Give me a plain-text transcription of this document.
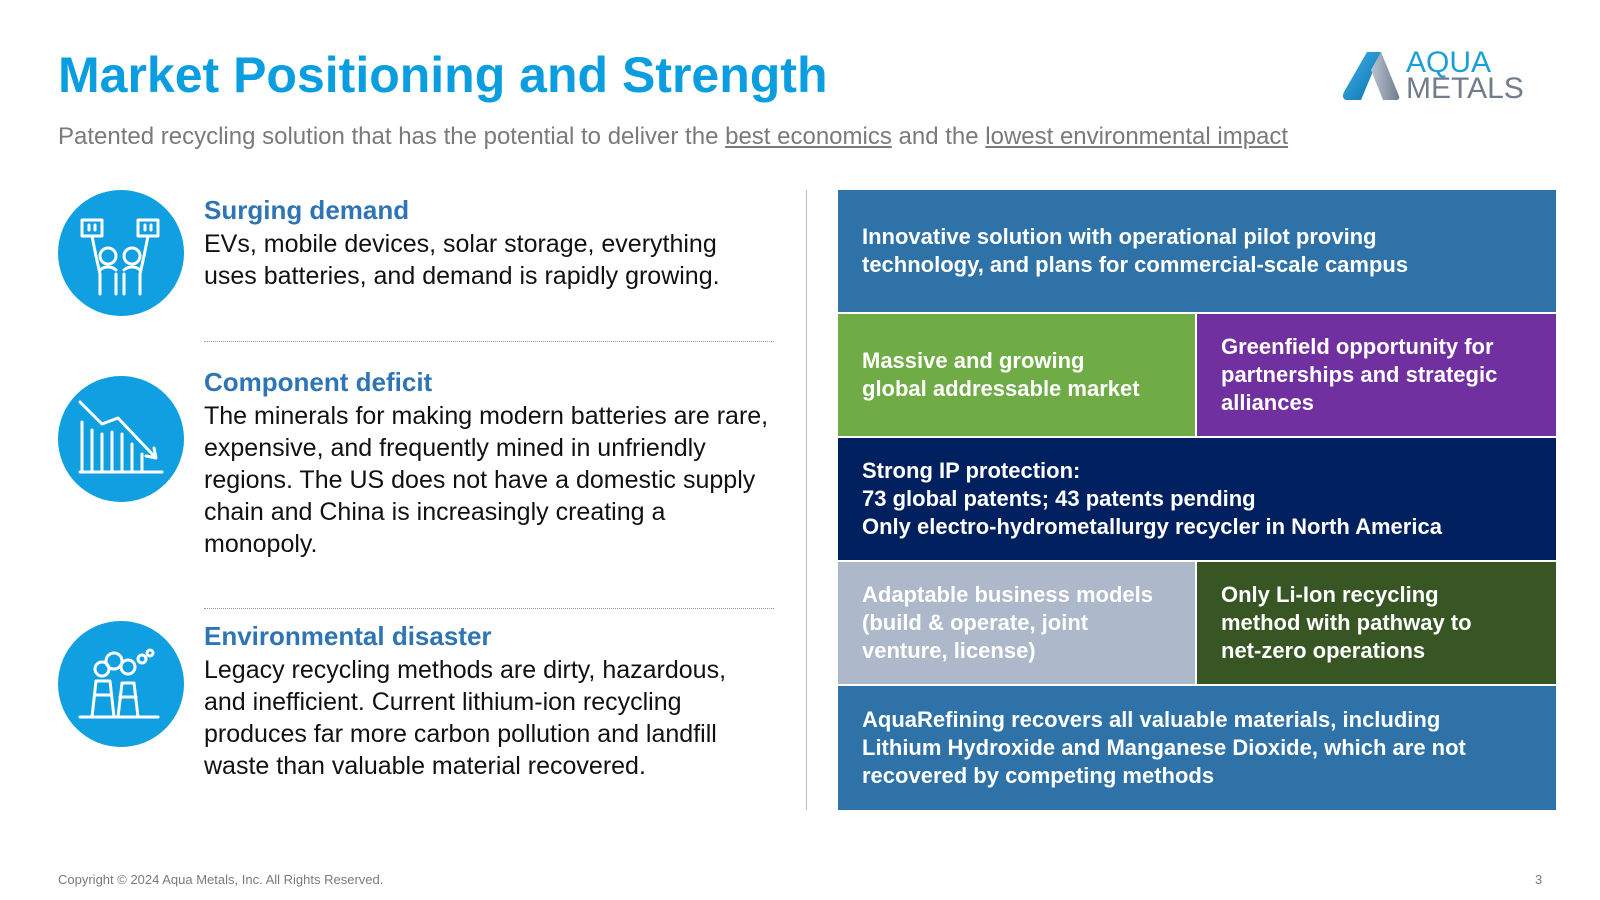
Market Positioning and Strength	AQUA
METALS
Patented recycling solution that has the potential to deliver the best economics and the lowest environmental impact
Surging demand
EVs, mobile devices, solar storage, everything uses batteries, and demand is rapidly growing.
Component deficit
The minerals for making modern batteries are rare, expensive, and frequently mined in unfriendly regions. The US does not have a domestic supply chain and China is increasingly creating a monopoly.
Environmental disaster
Legacy recycling methods are dirty, hazardous, and inefficient. Current lithium-ion recycling produces far more carbon pollution and landfill waste than valuable material recovered.
Innovative solution with operational pilot proving
technology, and plans for commercial-scale campus
Massive and growing
global addressable market
Greenfield opportunity for
partnerships and strategic
alliances
Strong IP protection:
73 global patents; 43 patents pending
Only electro-hydrometallurgy recycler in North America
Adaptable business models
(build & operate, joint
venture, license)
Only Li-Ion recycling
method with pathway to
net-zero operations
AquaRefining recovers all valuable materials, including
Lithium Hydroxide and Manganese Dioxide, which are not
recovered by competing methods
Copyright © 2024 Aqua Metals, Inc. All Rights Reserved.	3
